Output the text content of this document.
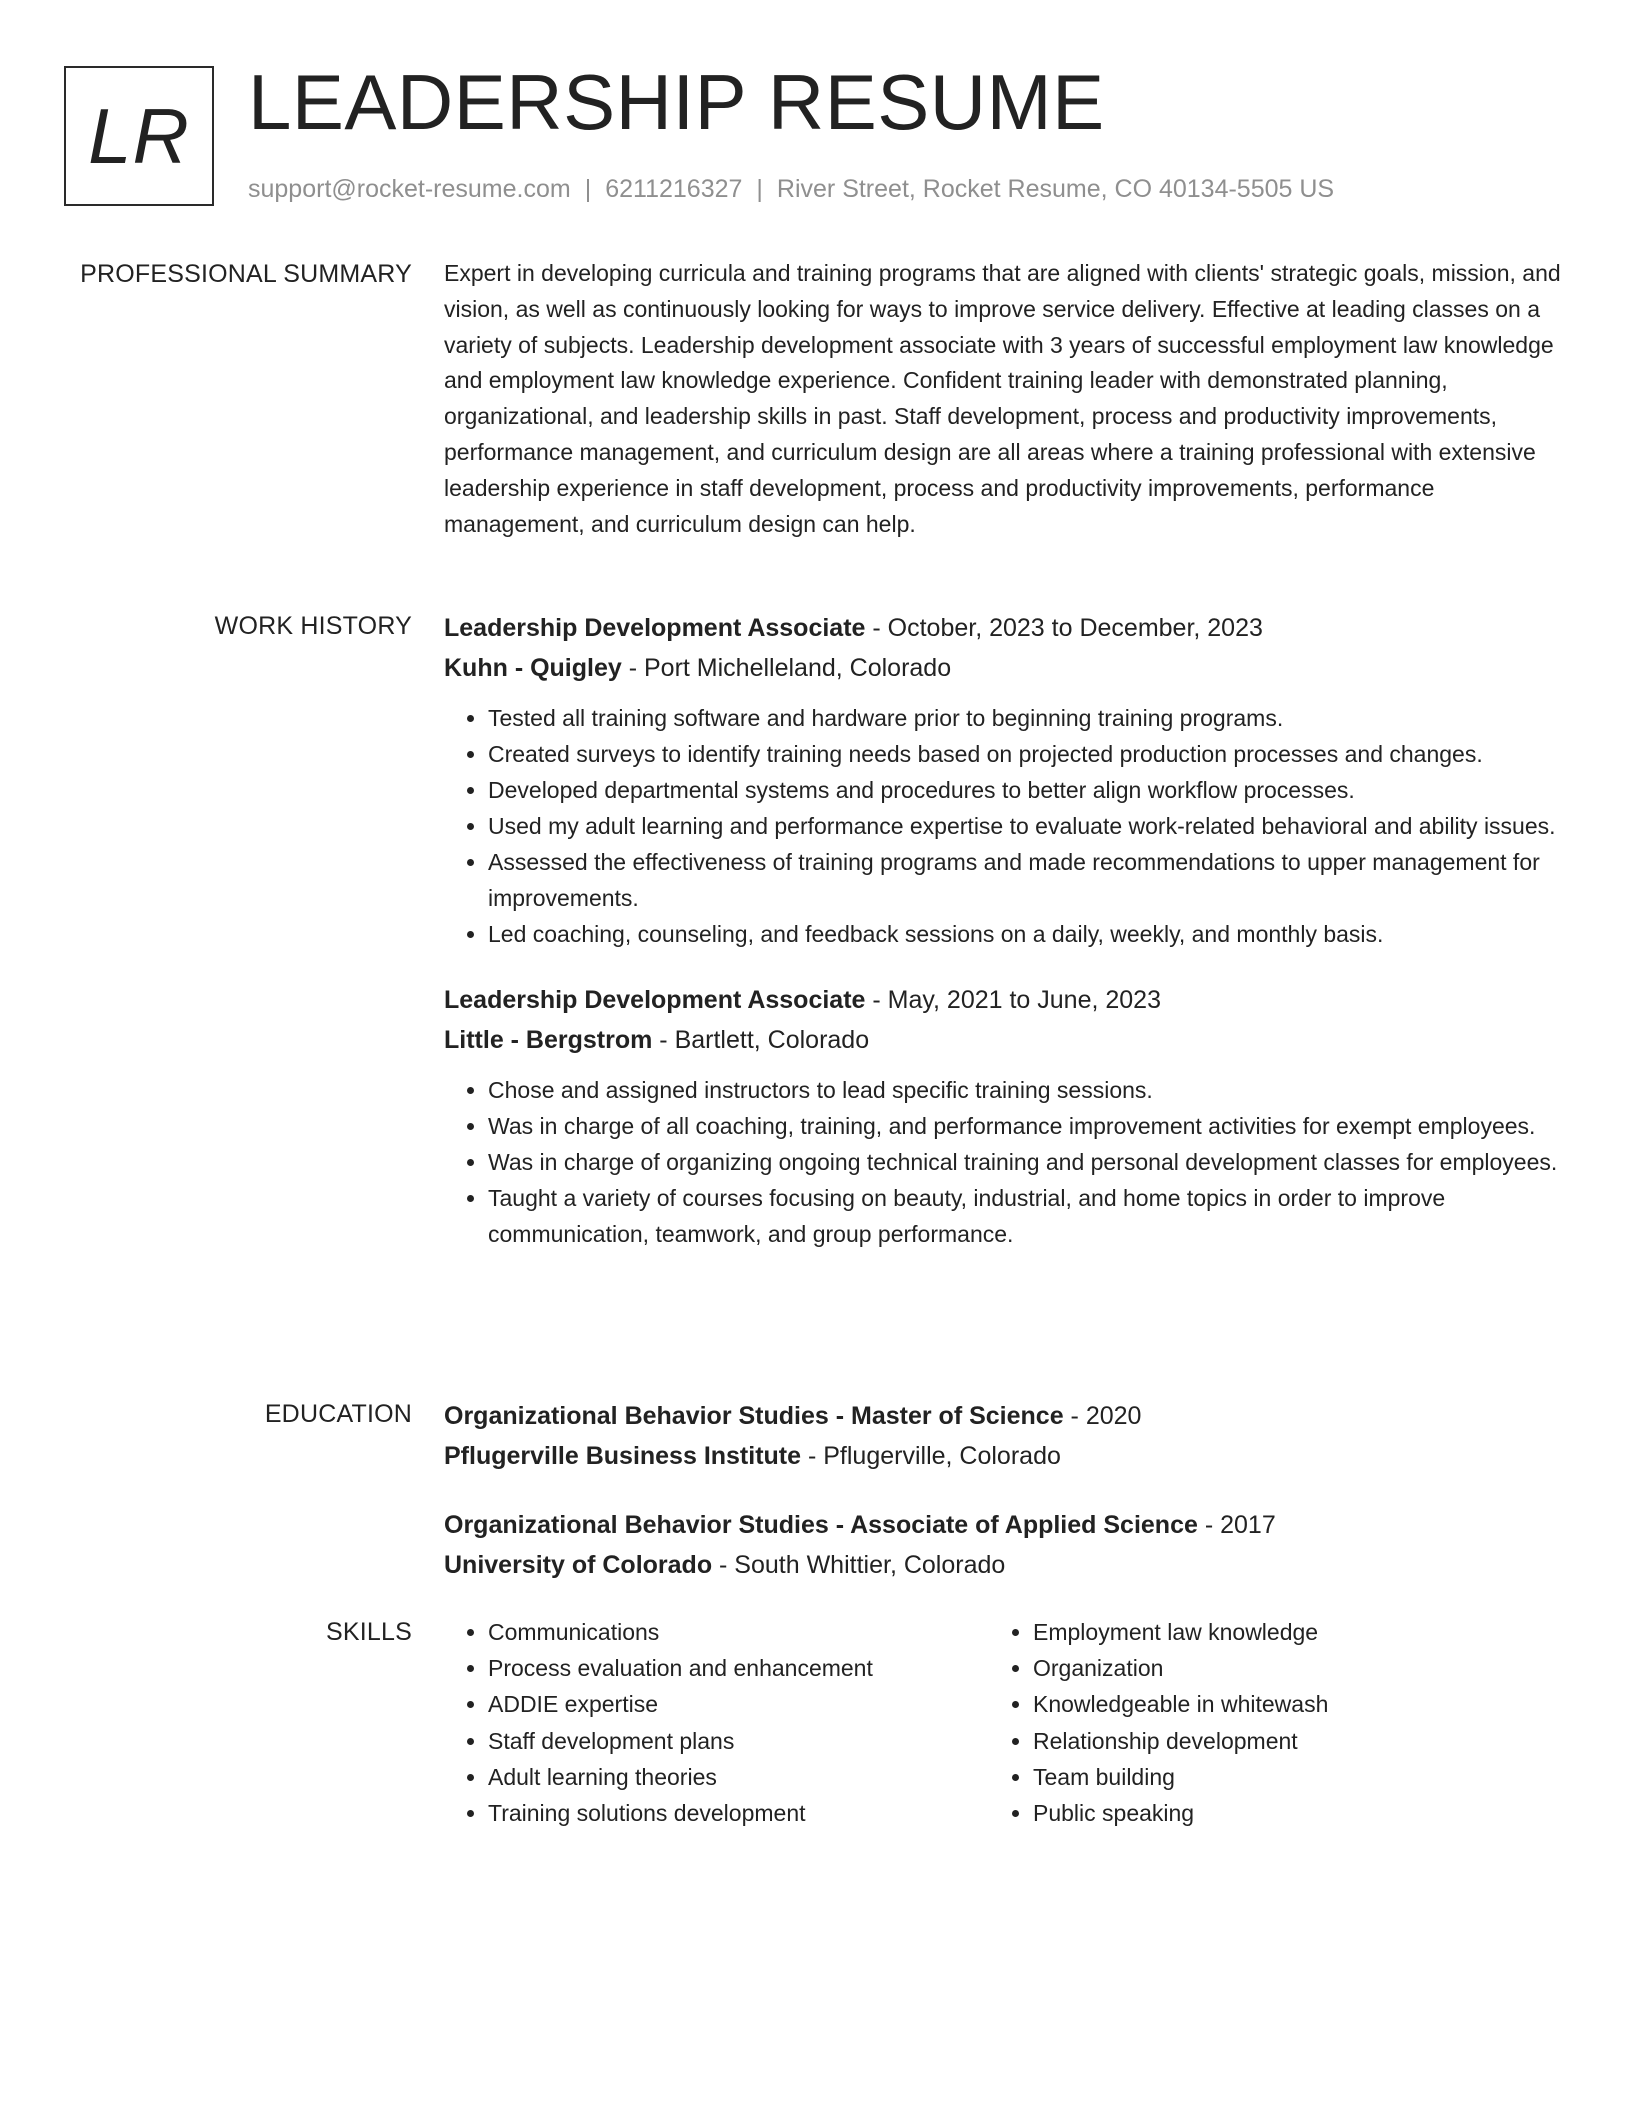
LR LEADERSHIP RESUME
support@rocket-resume.com | 6211216327 | River Street, Rocket Resume, CO 40134-5505 US
PROFESSIONAL SUMMARY Expert in developing curricula and training programs that are aligned with clients' strategic goals, mission, and vision, as well as continuously looking for ways to improve service delivery. Effective at leading classes on a variety of subjects. Leadership development associate with 3 years of successful employment law knowledge and employment law knowledge experience. Confident training leader with demonstrated planning, organizational, and leadership skills in past. Staff development, process and productivity improvements, performance management, and curriculum design are all areas where a training professional with extensive leadership experience in staff development, process and productivity improvements, performance management, and curriculum design can help.

WORK HISTORY Leadership Development Associate - October, 2023 to December, 2023
Kuhn - Quigley - Port Michelleland, Colorado
• Tested all training software and hardware prior to beginning training programs.
• Created surveys to identify training needs based on projected production processes and changes.
• Developed departmental systems and procedures to better align workflow processes.
• Used my adult learning and performance expertise to evaluate work-related behavioral and ability issues.
• Assessed the effectiveness of training programs and made recommendations to upper management for improvements.
• Led coaching, counseling, and feedback sessions on a daily, weekly, and monthly basis.
Leadership Development Associate - May, 2021 to June, 2023
Little - Bergstrom - Bartlett, Colorado
• Chose and assigned instructors to lead specific training sessions.
• Was in charge of all coaching, training, and performance improvement activities for exempt employees.
• Was in charge of organizing ongoing technical training and personal development classes for employees.
• Taught a variety of courses focusing on beauty, industrial, and home topics in order to improve communication, teamwork, and group performance.
EDUCATION Organizational Behavior Studies - Master of Science - 2020
Pflugerville Business Institute - Pflugerville, Colorado
Organizational Behavior Studies - Associate of Applied Science - 2017
University of Colorado - South Whittier, Colorado
SKILLS
•	Communications
• Process evaluation and enhancement
• ADDIE expertise
• Staff development plans
• Adult learning theories
• Training solutions development
• Employment law knowledge
• Organization
• Knowledgeable in whitewash
• Relationship development
• Team building
• Public speaking
